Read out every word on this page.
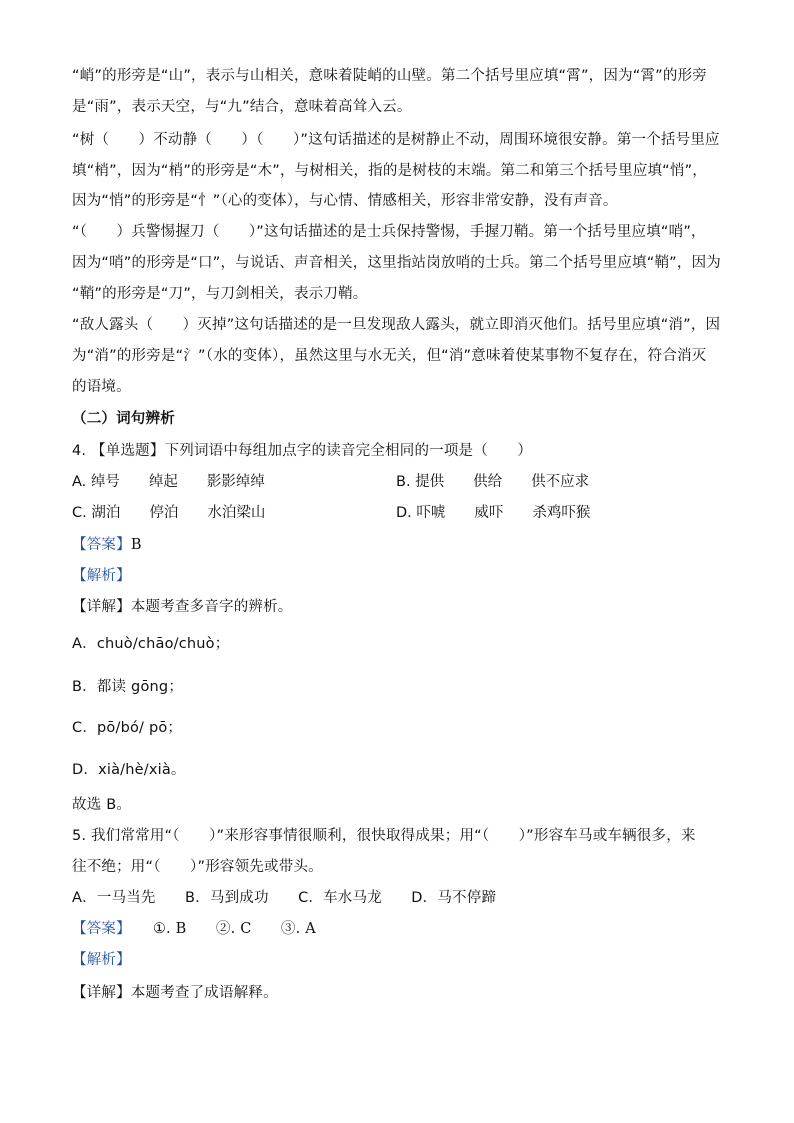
“峭”的形旁是“山”，表示与山相关，意味着陡峭的山壁。第二个括号里应填“霄”，因为“霄”的形旁
是“雨”，表示天空，与“九”结合，意味着高耸入云。
“树（　　）不动静（　　）（　　）”这句话描述的是树静止不动，周围环境很安静。第一个括号里应
填“梢”，因为“梢”的形旁是“木”，与树相关，指的是树枝的末端。第二和第三个括号里应填“悄”，
因为“悄”的形旁是“忄”（心的变体），与心情、情感相关，形容非常安静，没有声音。
“（　　）兵警惕握刀（　　）”这句话描述的是士兵保持警惕，手握刀鞘。第一个括号里应填“哨”，
因为“哨”的形旁是“口”，与说话、声音相关，这里指站岗放哨的士兵。第二个括号里应填“鞘”，因为
“鞘”的形旁是“刀”，与刀剑相关，表示刀鞘。
“敌人露头（　　）灭掉”这句话描述的是一旦发现敌人露头，就立即消灭他们。括号里应填“消”，因
为“消”的形旁是“氵”（水的变体），虽然这里与水无关，但“消”意味着使某事物不复存在，符合消灭
的语境。
（二）词句辨析
4. 【单选题】下列词语中每组加点字的读音完全相同的一项是（　　）
A. 绰号　　绰起　　影影绰绰	B. 提供　　供给　　供不应求
C. 湖泊　　停泊　　水泊梁山	D. 吓唬　　威吓　　杀鸡吓猴
【答案】B
【解析】
【详解】本题考查多音字的辨析。
A．chuò/chāo/chuò；
B．都读 gōng；
C．pō/bó/ pō；
D．xià/hè/xià。
故选 B。
5. 我们常常用“（　　）”来形容事情很顺利，很快取得成果；用“（　　）”形容车马或车辆很多，来
往不绝；用“（　　）”形容领先或带头。
A．一马当先　　B．马到成功　　C．车水马龙　　D．马不停蹄
【答案】 ①. B　　②. C　　③. A
【解析】
【详解】本题考查了成语解释。
